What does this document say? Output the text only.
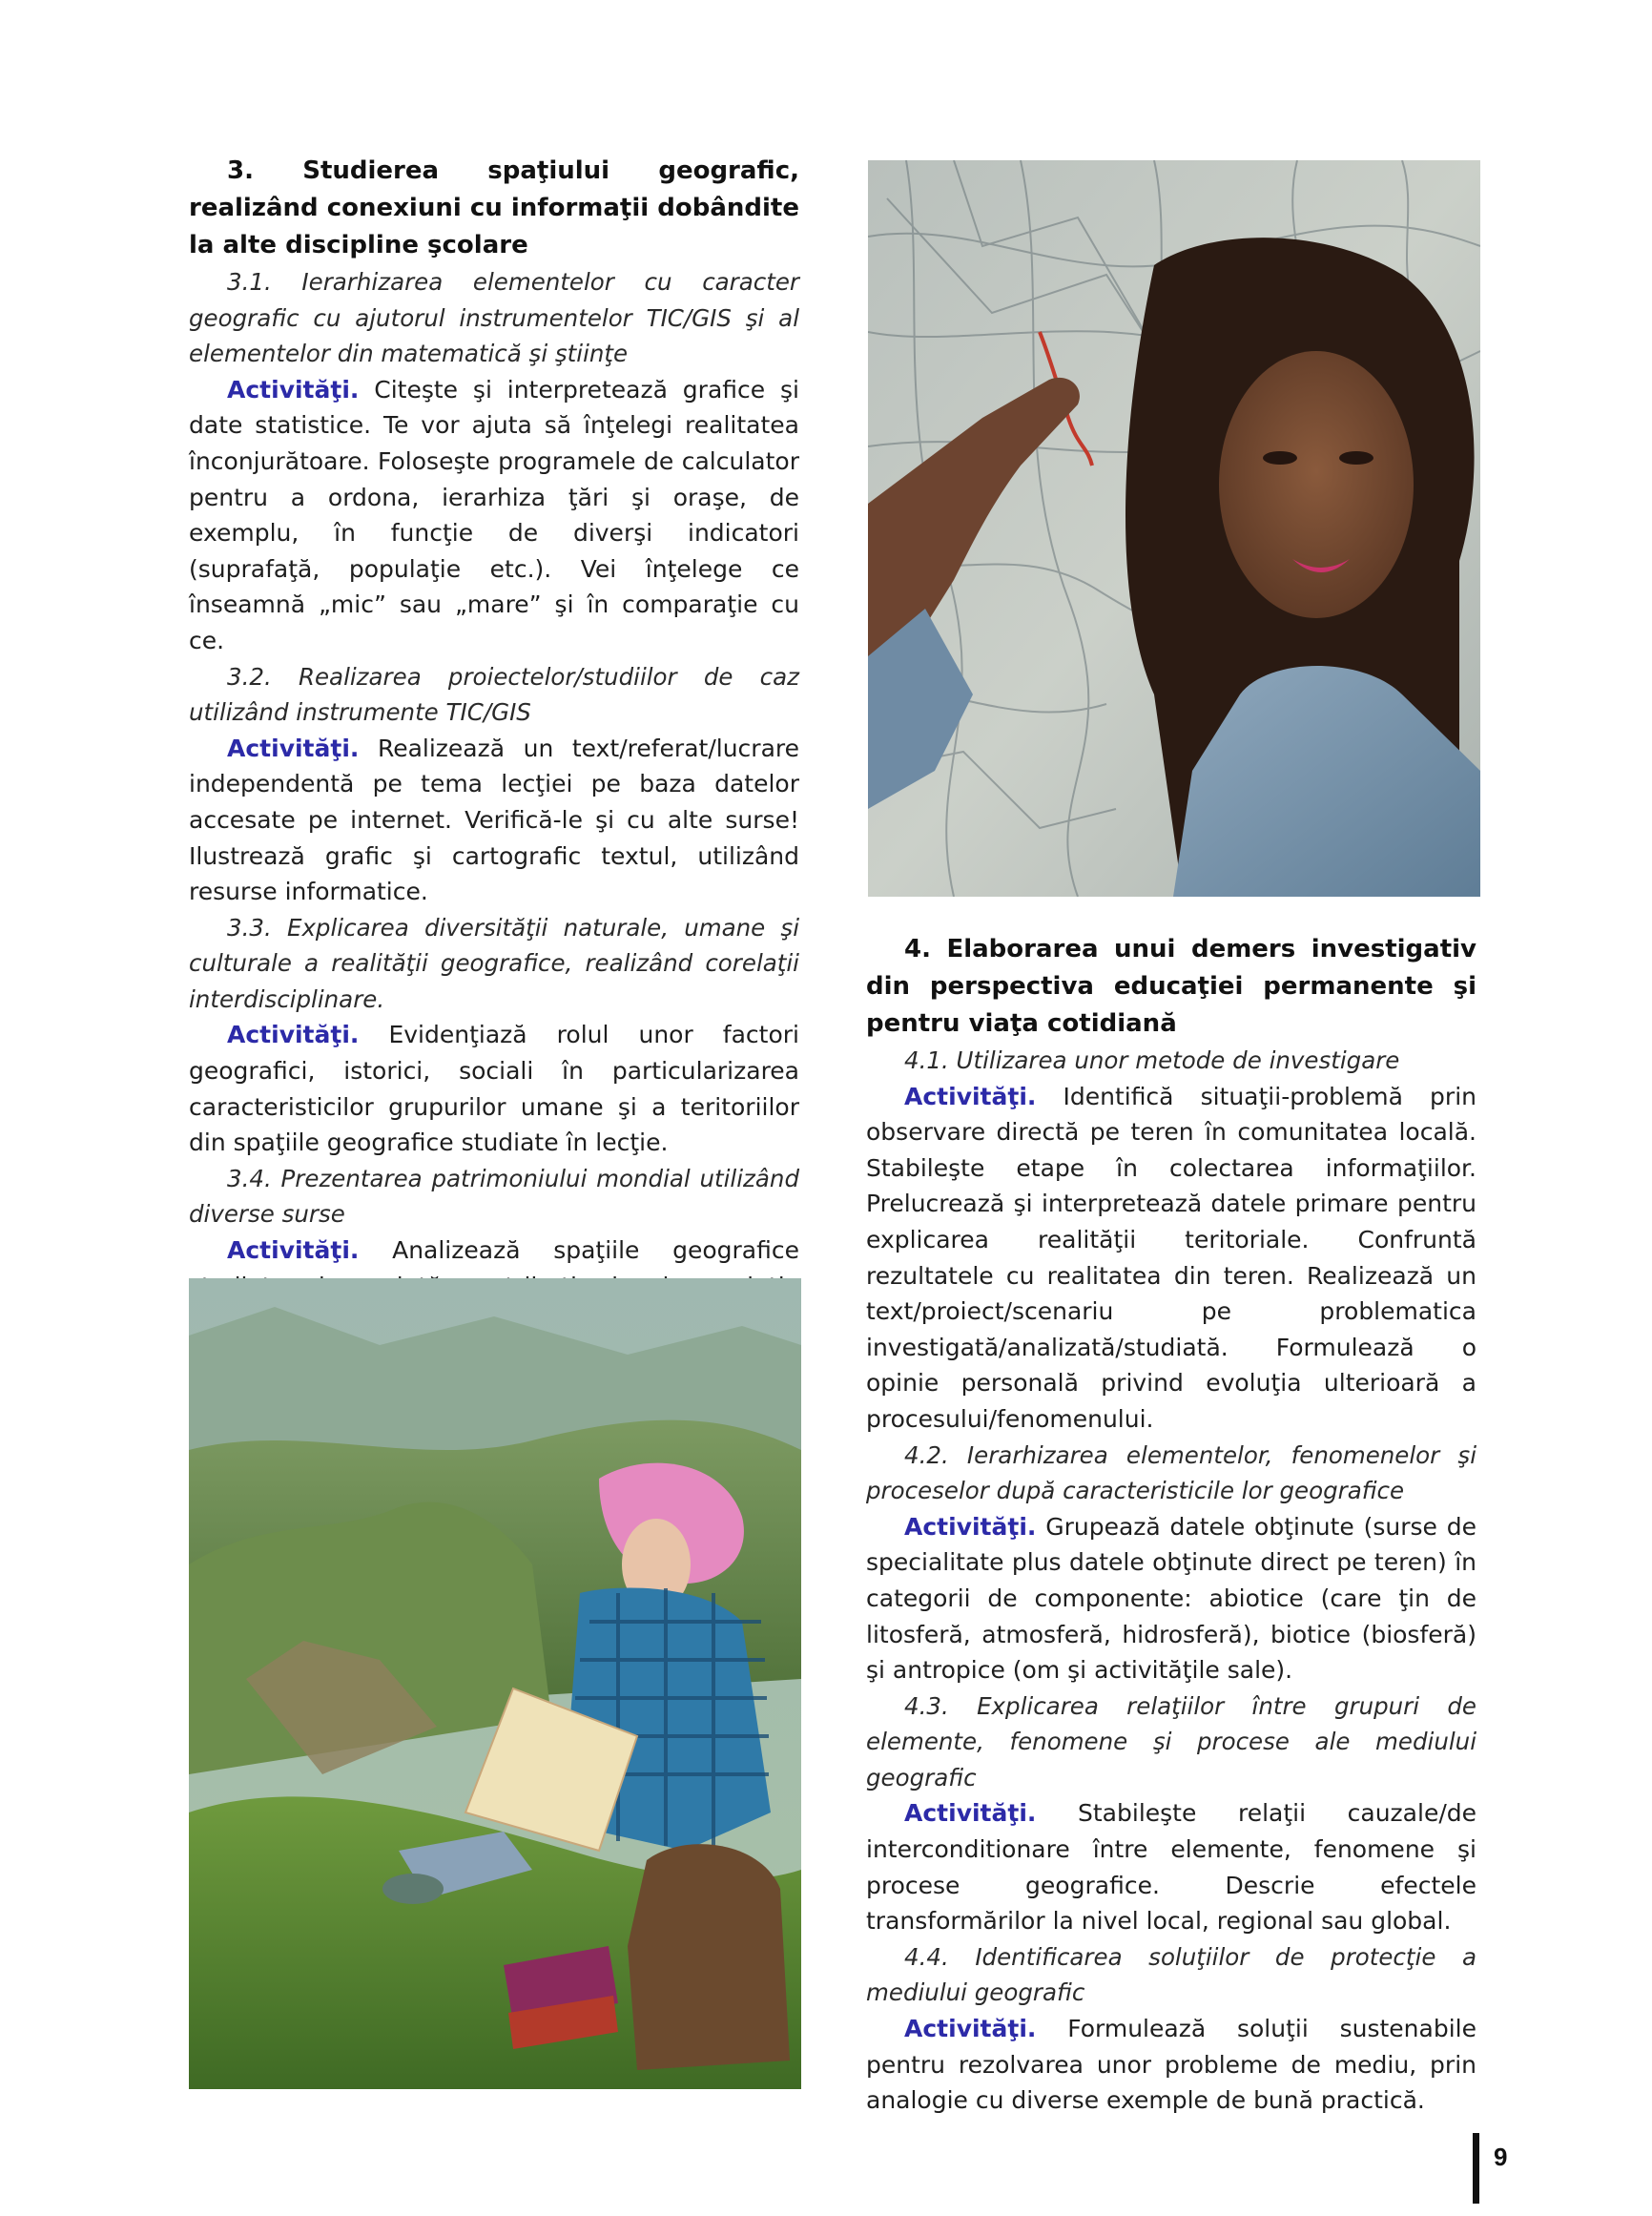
3. Studierea spaţiului geografic, realizând conexiuni cu informaţii dobândite la alte discipline şcolare

3.1. Ierarhizarea elementelor cu caracter geografic cu ajutorul instrumentelor TIC/GIS şi al elementelor din matematică şi ştiinţe

Activităţi. Citeşte şi interpretează grafice şi date statistice. Te vor ajuta să înţelegi realitatea înconjurătoare. Foloseşte programele de calculator pentru a ordona, ierarhiza ţări şi oraşe, de exemplu, în funcţie de diverşi indicatori (suprafaţă, populaţie etc.). Vei înţelege ce înseamnă „mic” sau „mare” şi în comparaţie cu ce.

3.2. Realizarea proiectelor/studiilor de caz utilizând instrumente TIC/GIS

Activităţi. Realizează un text/referat/lucrare independentă pe tema lecţiei pe baza datelor accesate pe internet. Verifică-le şi cu alte surse! Ilustrează grafic şi cartografic textul, utilizând resurse informatice.

3.3. Explicarea diversităţii naturale, umane şi culturale a realităţii geografice, realizând corelaţii interdisciplinare.

Activităţi. Evidenţiază rolul unor factori geografici, istorici, sociali în particularizarea caracteristicilor grupurilor umane şi a teritoriilor din spaţiile geografice studiate în lecţie.

3.4. Prezentarea patrimoniului mondial utilizând diverse surse

Activităţi. Analizează spaţiile geografice

4. Elaborarea unui demers investigativ din perspectiva educaţiei permanente şi pentru viaţa cotidiană

4.1. Utilizarea unor metode de investigare

Activităţi. Identifică situaţii-problemă prin observare directă pe teren în comunitatea locală. Stabileşte etape în colectarea informaţiilor. Prelucrează şi interpretează datele primare pentru explicarea realităţii teritoriale. Confruntă rezultatele cu realitatea din teren. Realizează un text/proiect/scenariu pe problematica investigată/analizată/studiată. Formulează o opinie personală privind evoluţia ulterioară a procesului/fenomenului.

4.2. Ierarhizarea elementelor, fenomenelor şi proceselor după caracteristicile lor geografice

Activităţi. Grupează datele obţinute (surse de specialitate plus datele obţinute direct pe teren) în categorii de componente: abiotice (care ţin de litosferă, atmosferă, hidrosferă), biotice (biosferă) şi antropice (om şi activităţile sale).

4.3. Explicarea relaţiilor între grupuri de elemente, fenomene şi procese ale mediului geografic

Activităţi. Stabileşte relaţii cauzale/de interconditionare între elemente, fenomene şi procese geografice. Descrie efectele transformărilor la nivel local, regional sau global.

4.4. Identificarea soluţiilor de protecţie a mediului geografic

Activităţi. Formulează soluţii sustenabile pentru rezolvarea unor probleme de mediu, prin analogie cu diverse exemple de bună practică.

9
